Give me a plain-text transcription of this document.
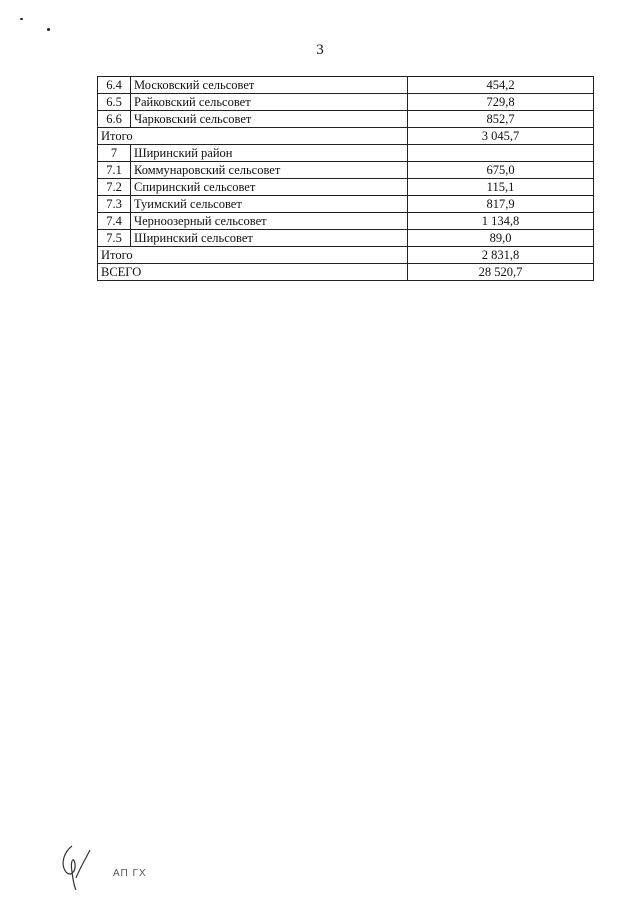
3
6.4	Московский сельсовет	454,2
6.5	Райковский сельсовет	729,8
6.6	Чарковский сельсовет	852,7
Итого		3 045,7
7	Ширинский район	
7.1	Коммунаровский сельсовет	675,0
7.2	Спиринский сельсовет	115,1
7.3	Туимский сельсовет	817,9
7.4	Черноозерный сельсовет	1 134,8
7.5	Ширинский сельсовет	89,0
Итого		2 831,8
ВСЕГО		28 520,7
АП ГХ
